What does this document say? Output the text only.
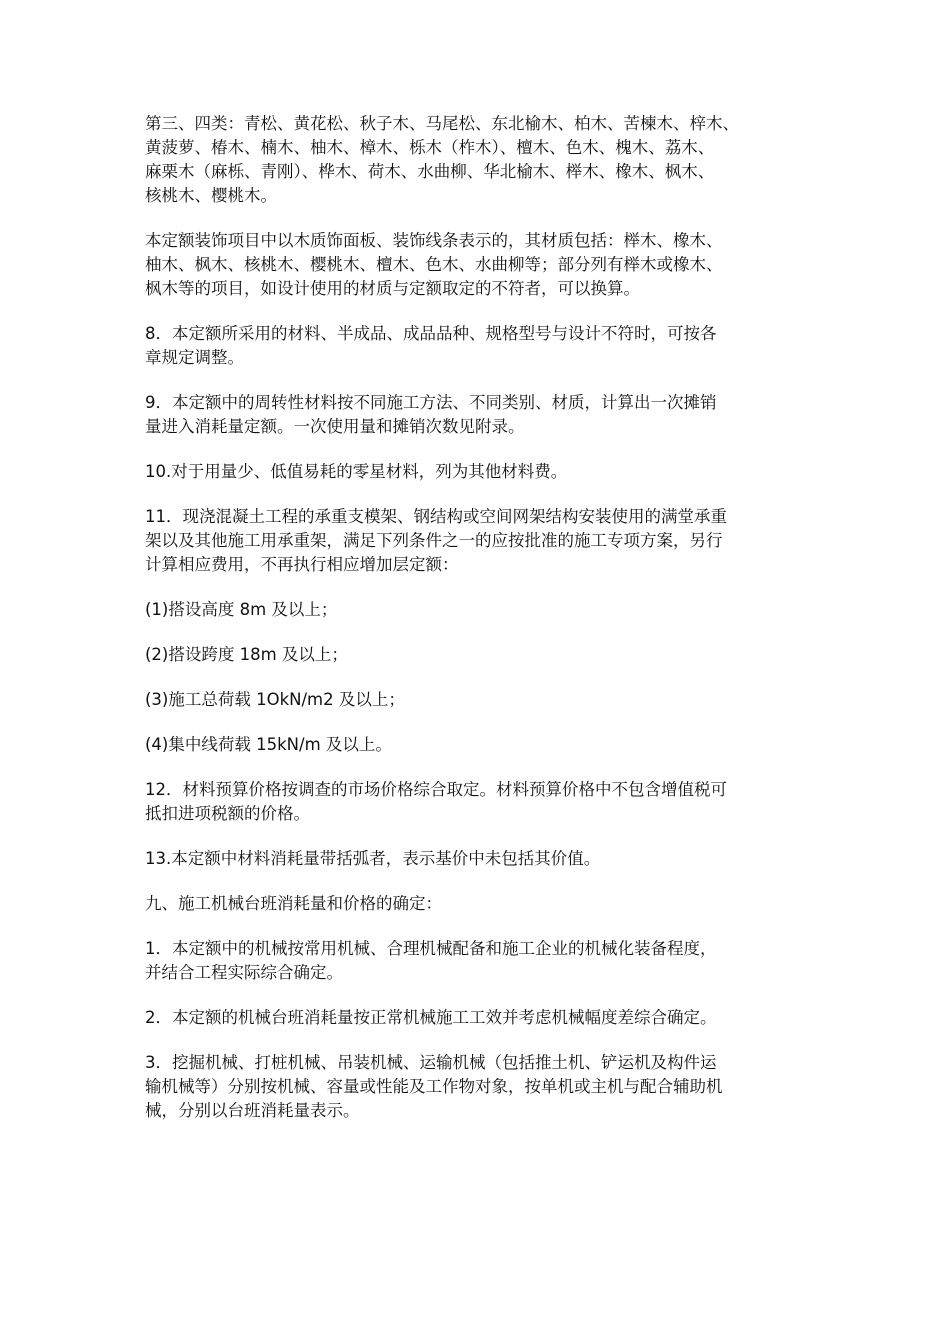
第三、四类：青松、黄花松、秋子木、马尾松、东北榆木、柏木、苦楝木、梓木、
黄菠萝、椿木、楠木、柚木、樟木、栎木（柞木）、檀木、色木、槐木、荔木、
麻栗木（麻栎、青刚）、桦木、荷木、水曲柳、华北榆木、榉木、橡木、枫木、
核桃木、樱桃木。

本定额装饰项目中以木质饰面板、装饰线条表示的，其材质包括：榉木、橡木、
柚木、枫木、核桃木、樱桃木、檀木、色木、水曲柳等；部分列有榉木或橡木、
枫木等的项目，如设计使用的材质与定额取定的不符者，可以换算。

8．本定额所采用的材料、半成品、成品品种、规格型号与设计不符时，可按各
章规定调整。

9．本定额中的周转性材料按不同施工方法、不同类别、材质，计算出一次摊销
量进入消耗量定额。一次使用量和摊销次数见附录。

10.对于用量少、低值易耗的零星材料，列为其他材料费。

11．现浇混凝土工程的承重支模架、钢结构或空间网架结构安装使用的满堂承重
架以及其他施工用承重架，满足下列条件之一的应按批准的施工专项方案，另行
计算相应费用，不再执行相应增加层定额：

(1)搭设高度 8m 及以上；

(2)搭设跨度 18m 及以上；

(3)施工总荷载 1OkN/m2 及以上；

(4)集中线荷载 15kN/m 及以上。

12．材料预算价格按调查的市场价格综合取定。材料预算价格中不包含增值税可
抵扣进项税额的价格。

13.本定额中材料消耗量带括弧者，表示基价中未包括其价值。

九、施工机械台班消耗量和价格的确定：

1．本定额中的机械按常用机械、合理机械配备和施工企业的机械化装备程度，
并结合工程实际综合确定。

2．本定额的机械台班消耗量按正常机械施工工效并考虑机械幅度差综合确定。

3．挖掘机械、打桩机械、吊装机械、运输机械（包括推土机、铲运机及构件运
输机械等）分别按机械、容量或性能及工作物对象，按单机或主机与配合辅助机
械，分别以台班消耗量表示。
